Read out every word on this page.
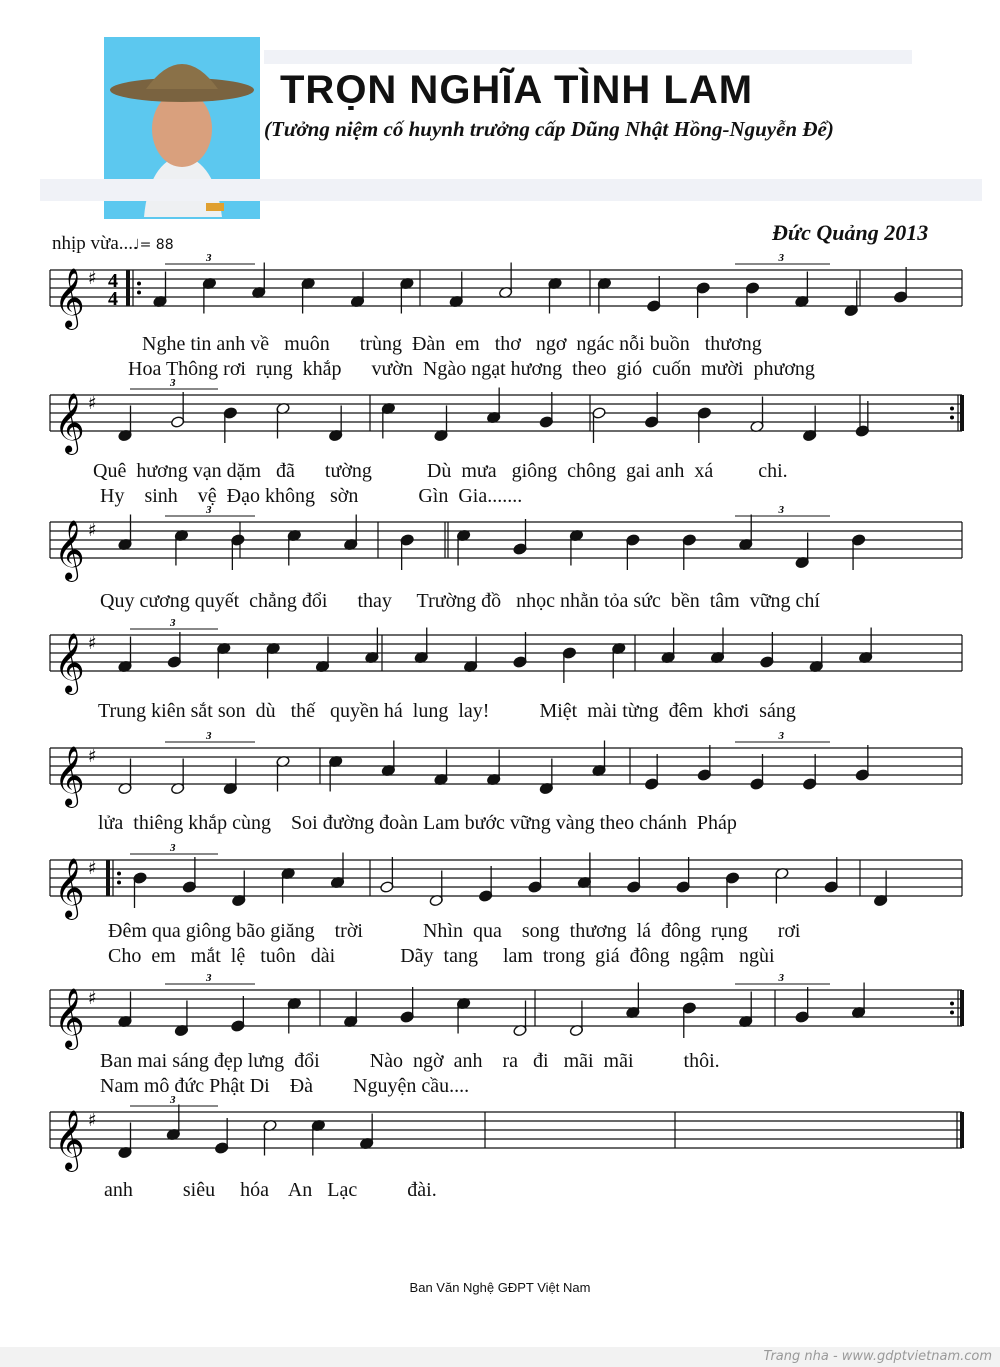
TRỌN NGHĨA TÌNH LAM
(Tưởng niệm cố huynh trưởng cấp Dũng Nhật Hồng-Nguyễn Để)
Đức Quảng 2013
nhịp vừa...♩= 88
𝄞 ♯ 4
4
3	3
𝄞 ♯
3
𝄞 ♯
3	3
𝄞 ♯
3
𝄞 ♯
3	3
𝄞 ♯
3
𝄞 ♯
3	3
𝄞 ♯
3
Nghe tin anh về   muôn      trùng  Đàn  em   thơ   ngơ  ngác nỗi buồn   thương
Hoa Thông rơi  rụng  khắp      vườn  Ngào ngạt hương  theo  gió  cuốn  mười  phương
Quê  hương vạn dặm   đã      tường           Dù  mưa   giông  chông  gai anh  xá         chi.
Hy    sinh    vệ  Đạo không   sờn            Gìn  Gia.......
Quy cương quyết  chẳng đổi      thay     Trường đồ   nhọc nhằn tỏa sức  bền  tâm  vững chí
Trung kiên sắt son  dù   thế   quyền há  lung  lay!          Miệt  mài từng  đêm  khơi  sáng
lửa  thiêng khắp cùng    Soi đường đoàn Lam bước vững vàng theo chánh  Pháp
Đêm qua giông bão giăng    trời            Nhìn  qua    song  thương  lá  đông  rụng      rơi
Cho  em   mắt  lệ   tuôn   dài             Dãy  tang     lam  trong  giá  đông  ngậm   ngùi
Ban mai sáng đẹp lưng  đổi          Nào  ngờ  anh    ra   đi   mãi  mãi          thôi.
Nam mô đức Phật Di    Đà        Nguyện cầu....
anh          siêu     hóa    An   Lạc          đài.
Ban Văn Nghệ GĐPT Việt Nam
Trang nha - www.gdptvietnam.com
